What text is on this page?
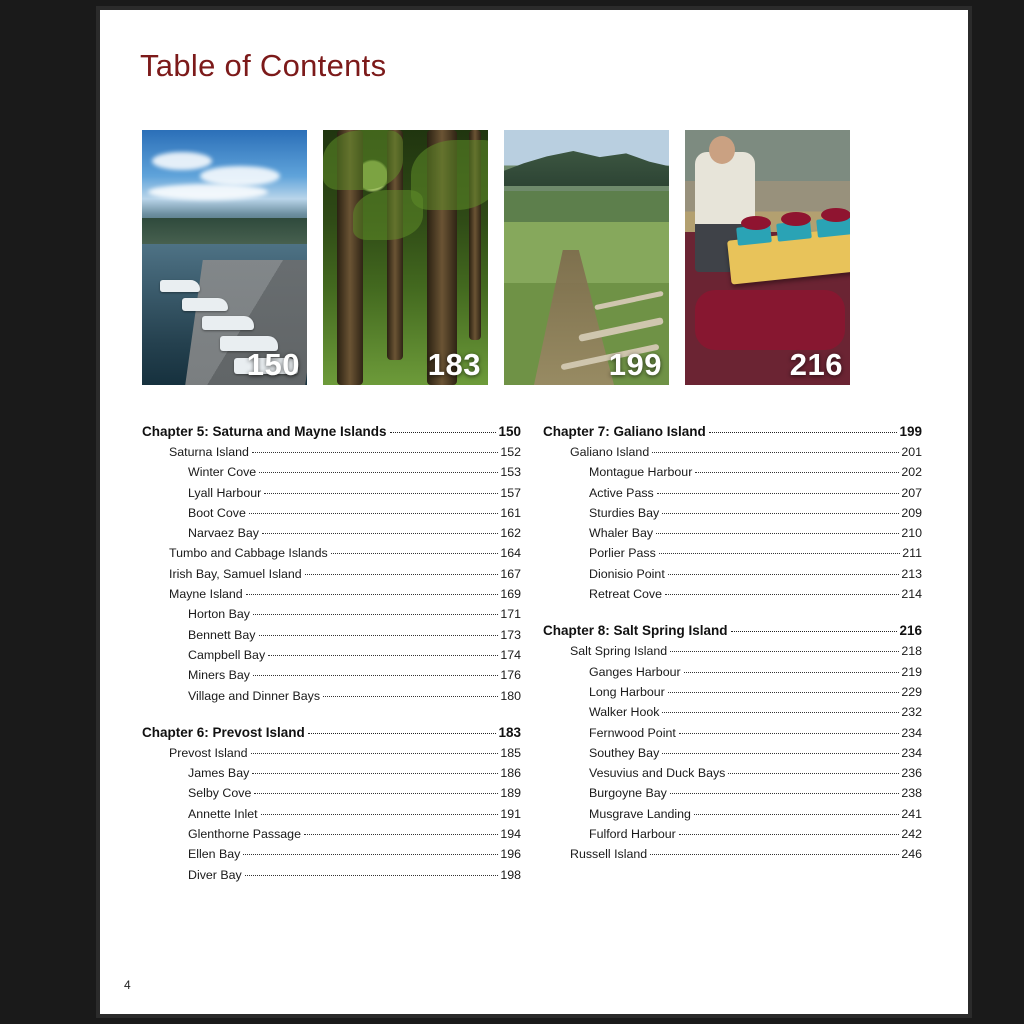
Table of Contents
150	183	199	216
Chapter 5: Saturna and Mayne Islands	150
Saturna Island	152
Winter Cove	153
Lyall Harbour	157
Boot Cove	161
Narvaez Bay	162
Tumbo and Cabbage Islands	164
Irish Bay, Samuel Island	167
Mayne Island	169
Horton Bay	171
Bennett Bay	173
Campbell Bay	174
Miners Bay	176
Village and Dinner Bays	180
Chapter 6: Prevost Island	183
Prevost Island	185
James Bay	186
Selby Cove	189
Annette Inlet	191
Glenthorne Passage	194
Ellen Bay	196
Diver Bay	198
Chapter 7: Galiano Island	199
Galiano Island	201
Montague Harbour	202
Active Pass	207
Sturdies Bay	209
Whaler Bay	210
Porlier Pass	211
Dionisio Point	213
Retreat Cove	214
Chapter 8: Salt Spring Island	216
Salt Spring Island	218
Ganges Harbour	219
Long Harbour	229
Walker Hook	232
Fernwood Point	234
Southey Bay	234
Vesuvius and Duck Bays	236
Burgoyne Bay	238
Musgrave Landing	241
Fulford Harbour	242
Russell Island	246
4
